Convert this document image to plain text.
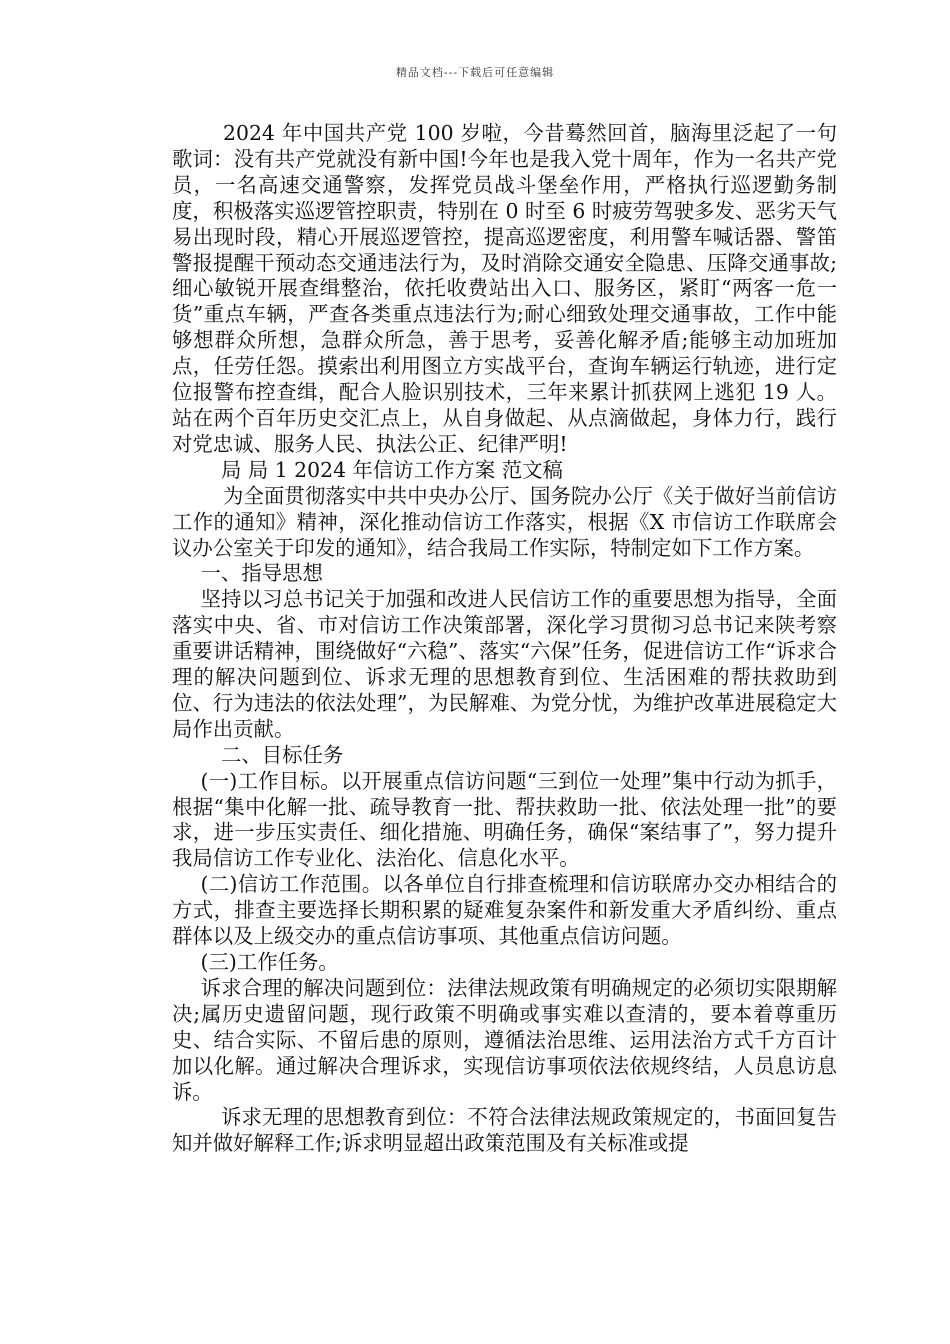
精品文档---下载后可任意编辑

2024 年中国共产党 100 岁啦，今昔蓦然回首，脑海里泛起了一句歌词：没有共产党就没有新中国!今年也是我入党十周年，作为一名共产党员，一名高速交通警察，发挥党员战斗堡垒作用，严格执行巡逻勤务制度，积极落实巡逻管控职责，特别在 0 时至 6 时疲劳驾驶多发、恶劣天气易出现时段，精心开展巡逻管控，提高巡逻密度，利用警车喊话器、警笛警报提醒干预动态交通违法行为，及时消除交通安全隐患、压降交通事故;细心敏锐开展查缉整治，依托收费站出入口、服务区，紧盯“两客一危一货”重点车辆，严查各类重点违法行为;耐心细致处理交通事故，工作中能够想群众所想，急群众所急，善于思考，妥善化解矛盾;能够主动加班加点，任劳任怨。摸索出利用图立方实战平台，查询车辆运行轨迹，进行定位报警布控查缉，配合人脸识别技术，三年来累计抓获网上逃犯 19 人。站在两个百年历史交汇点上，从自身做起、从点滴做起，身体力行，践行对党忠诚、服务人民、执法公正、纪律严明!

局 局 1 2024 年信访工作方案 范文稿

为全面贯彻落实中共中央办公厅、国务院办公厅《关于做好当前信访工作的通知》精神，深化推动信访工作落实，根据《X 市信访工作联席会议办公室关于印发的通知》，结合我局工作实际，特制定如下工作方案。

一、指导思想

坚持以习总书记关于加强和改进人民信访工作的重要思想为指导，全面落实中央、省、市对信访工作决策部署，深化学习贯彻习总书记来陕考察重要讲话精神，围绕做好“六稳”、落实“六保”任务，促进信访工作“诉求合理的解决问题到位、诉求无理的思想教育到位、生活困难的帮扶救助到位、行为违法的依法处理”，为民解难、为党分忧，为维护改革进展稳定大局作出贡献。

二、目标任务

(一)工作目标。以开展重点信访问题“三到位一处理”集中行动为抓手，根据“集中化解一批、疏导教育一批、帮扶救助一批、依法处理一批”的要求，进一步压实责任、细化措施、明确任务，确保“案结事了”，努力提升我局信访工作专业化、法治化、信息化水平。

(二)信访工作范围。以各单位自行排查梳理和信访联席办交办相结合的方式，排查主要选择长期积累的疑难复杂案件和新发重大矛盾纠纷、重点群体以及上级交办的重点信访事项、其他重点信访问题。

(三)工作任务。

诉求合理的解决问题到位：法律法规政策有明确规定的必须切实限期解决;属历史遗留问题，现行政策不明确或事实难以查清的，要本着尊重历史、结合实际、不留后患的原则，遵循法治思维、运用法治方式千方百计加以化解。通过解决合理诉求，实现信访事项依法依规终结，人员息访息诉。

诉求无理的思想教育到位：不符合法律法规政策规定的，书面回复告知并做好解释工作;诉求明显超出政策范围及有关标准或提
